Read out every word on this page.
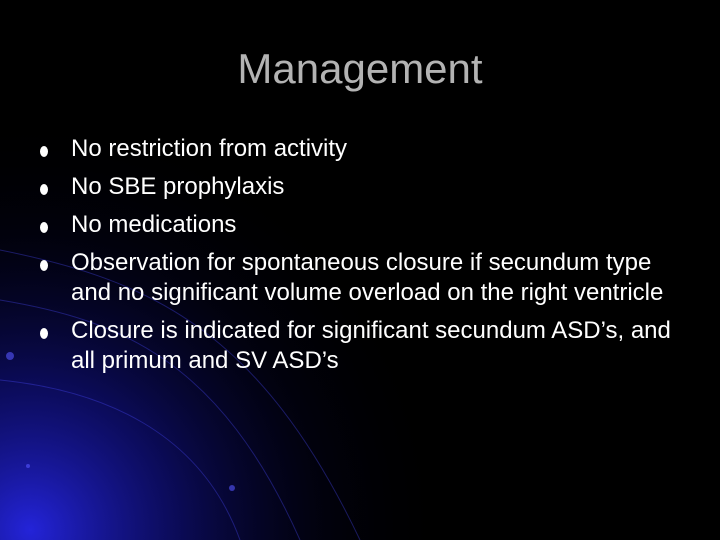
Management
No restriction from activity
No SBE prophylaxis
No medications
Observation for spontaneous closure if secundum type and no significant volume overload on the right ventricle
Closure is indicated for significant secundum ASD’s, and all primum and SV ASD’s
